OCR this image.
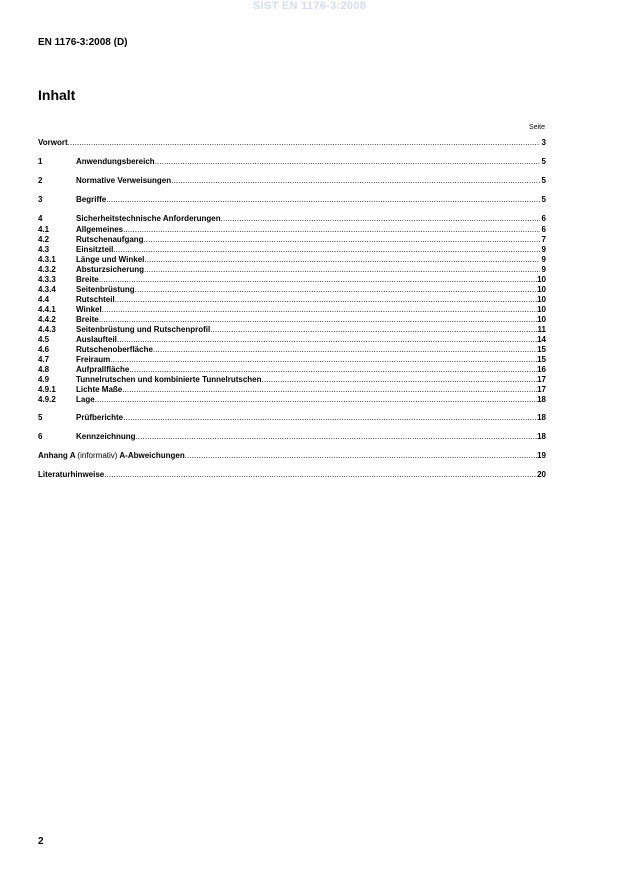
SIST EN 1176-3:2008
EN 1176-3:2008 (D)
Inhalt
Seite
Vorwort .....	3
1	Anwendungsbereich .....	5
2	Normative Verweisungen .....	5
3	Begriffe .....	5
4	Sicherheitstechnische Anforderungen .....	6
4.1	Allgemeines .....	6
4.2	Rutschenaufgang .....	7
4.3	Einsitzteil .....	9
4.3.1	Länge und Winkel .....	9
4.3.2	Absturzsicherung .....	9
4.3.3	Breite .....	10
4.3.4	Seitenbrüstung .....	10
4.4	Rutschteil .....	10
4.4.1	Winkel .....	10
4.4.2	Breite .....	10
4.4.3	Seitenbrüstung und Rutschenprofil .....	11
4.5	Auslaufteil .....	14
4.6	Rutschenoberfläche .....	15
4.7	Freiraum .....	15
4.8	Aufprallfläche .....	16
4.9	Tunnelrutschen und kombinierte Tunnelrutschen .....	17
4.9.1	Lichte Maße .....	17
4.9.2	Lage .....	18
5	Prüfberichte .....	18
6	Kennzeichnung .....	18
Anhang A (informativ) A-Abweichungen .....	19
Literaturhinweise .....	20
2
